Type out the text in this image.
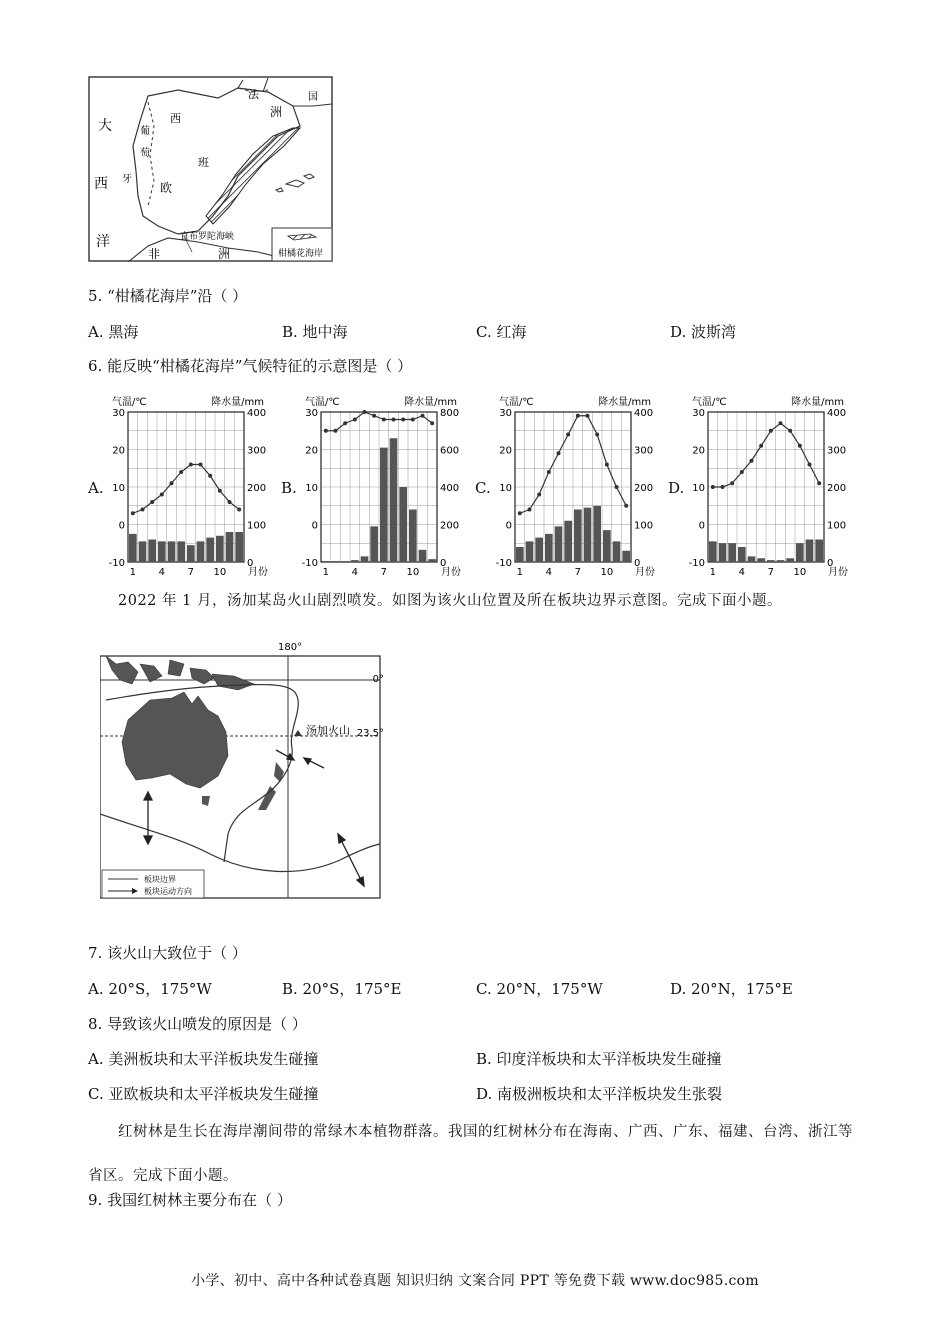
柑橘花海岸
直布罗陀海峡
大
西
洋
葡
萄
牙
西
班
欧
法
洲
国
非	洲
5. “柑橘花海岸”沿（ ）
A. 黑海	B. 地中海	C. 红海	D. 波斯湾
6. 能反映“柑橘花海岸”气候特征的示意图是（ ）
A.	B.	C.	D.
气温/℃	降水量/mm
30
20
10
0
-10
400
300
200
100
0
1 4 7 10 月份
气温/℃	降水量/mm
30
20
10
0
-10
800
600
400
200
0
1 4 7 10 月份
气温/℃	降水量/mm
30
20
10
0
-10
400
300
200
100
0
1 4 7 10 月份
气温/℃	降水量/mm
30
20
10
0
-10
400
300
200
100
0
1 4 7 10 月份
2022 年 1 月，汤加某岛火山剧烈喷发。如图为该火山位置及所在板块边界示意图。完成下面小题。
180°
0°
23.5°
汤加火山
板块边界
板块运动方向
7. 该火山大致位于（ ）
A. 20°S，175°W	B. 20°S，175°E	C. 20°N，175°W	D. 20°N，175°E
8. 导致该火山喷发的原因是（ ）
A. 美洲板块和太平洋板块发生碰撞	B. 印度洋板块和太平洋板块发生碰撞
C. 亚欧板块和太平洋板块发生碰撞	D. 南极洲板块和太平洋板块发生张裂
红树林是生长在海岸潮间带的常绿木本植物群落。我国的红树林分布在海南、广西、广东、福建、台湾、浙江等省区。完成下面小题。
9. 我国红树林主要分布在（ ）
小学、初中、高中各种试卷真题 知识归纳 文案合同 PPT 等免费下载 www.doc985.com
